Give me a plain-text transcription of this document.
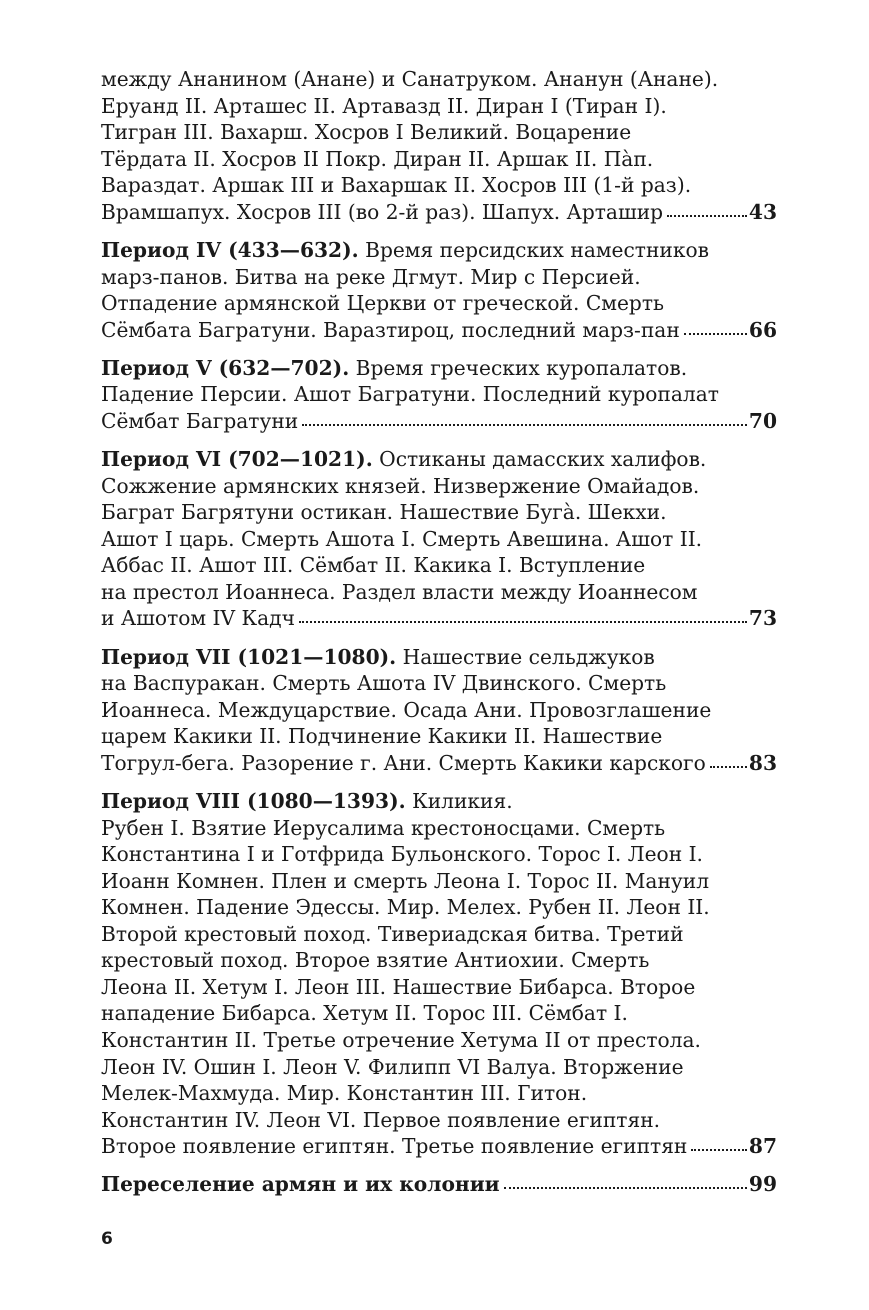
между Ананином (Анане) и Санатруком. Ананун (Анане).
Еруанд II. Арташес II. Артавазд II. Диран I (Тиран I).
Тигран III. Вахарш. Хосров I Великий. Воцарение
Тёрдата II. Хосров II Покр. Диран II. Аршак II. Пàп.
Вараздат. Аршак III и Вахаршак II. Хосров III (1-й раз).
Врамшапух. Хосров III (во 2-й раз). Шапух. Арташир	43
Период IV (433—632). Время персидских наместников
марз-панов. Битва на реке Дгмут. Мир с Персией.
Отпадение армянской Церкви от греческой. Смерть
Сёмбата Багратуни. Варазтироц, последний марз-пан	66
Период V (632—702). Время греческих куропалатов.
Падение Персии. Ашот Багратуни. Последний куропалат
Сёмбат Багратуни	70
Период VI (702—1021). Остиканы дамасских халифов.
Сожжение армянских князей. Низвержение Омайадов.
Баграт Багрятуни остикан. Нашествие Бугà. Шекхи.
Ашот I царь. Смерть Ашота I. Смерть Авешина. Ашот II.
Аббас II. Ашот III. Сёмбат II. Какика I. Вступление
на престол Иоаннеса. Раздел власти между Иоаннесом
и Ашотом IV Кадч	73
Период VII (1021—1080). Нашествие сельджуков
на Васпуракан. Смерть Ашота IV Двинского. Смерть
Иоаннеса. Междуцарствие. Осада Ани. Провозглашение
царем Какики II. Подчинение Какики II. Нашествие
Тогрул-бега. Разорение г. Ани. Смерть Какики карского 83
Период VIII (1080—1393). Киликия.
Рубен I. Взятие Иерусалима крестоносцами. Смерть
Константина I и Готфрида Бульонского. Торос I. Леон I.
Иоанн Комнен. Плен и смерть Леона I. Торос II. Мануил
Комнен. Падение Эдессы. Мир. Мелех. Рубен II. Леон II.
Второй крестовый поход. Тивериадская битва. Третий
крестовый поход. Второе взятие Антиохии. Смерть
Леона II. Хетум I. Леон III. Нашествие Бибарса. Второе
нападение Бибарса. Хетум II. Торос III. Сёмбат I.
Константин II. Третье отречение Хетума II от престола.
Леон IV. Ошин I. Леон V. Филипп VI Валуа. Вторжение
Мелек-Махмуда. Мир. Константин III. Гитон.
Константин IV. Леон VI. Первое появление египтян.
Второе появление египтян. Третье появление египтян	87
Переселение армян и их колонии	99
6
